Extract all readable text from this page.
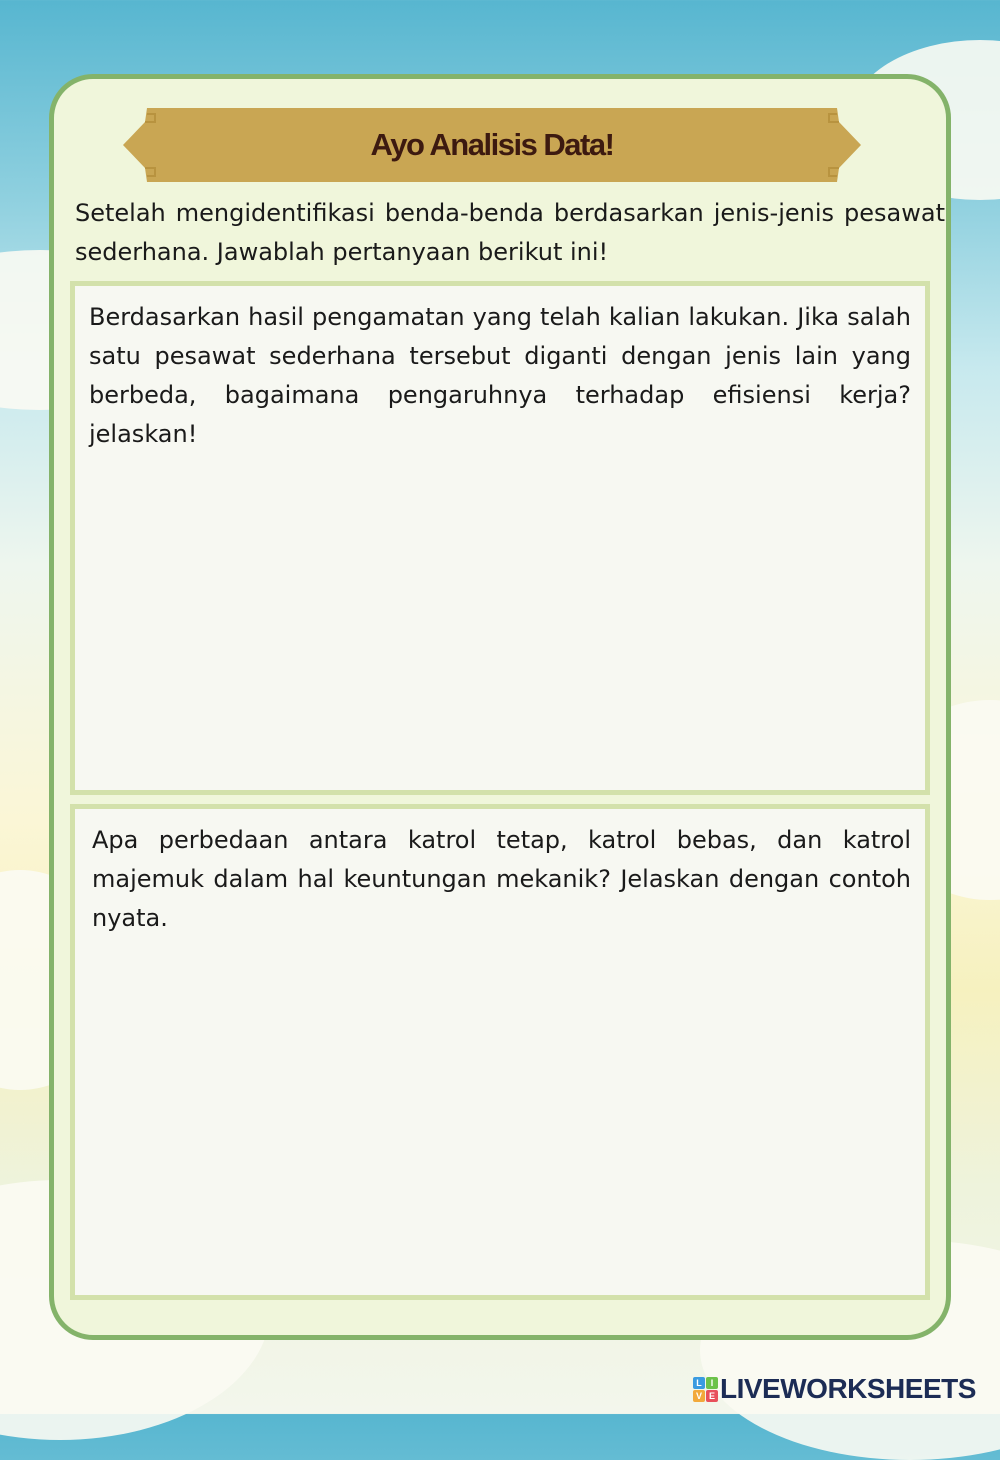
Ayo Analisis Data!
Setelah mengidentifikasi benda-benda berdasarkan jenis-jenis pesawat sederhana. Jawablah pertanyaan berikut ini!
Berdasarkan hasil pengamatan yang telah kalian lakukan. Jika salah satu pesawat sederhana tersebut diganti dengan jenis lain yang berbeda, bagaimana pengaruhnya terhadap efisiensi kerja? jelaskan!
Apa perbedaan antara katrol tetap, katrol bebas, dan katrol majemuk dalam hal keuntungan mekanik? Jelaskan dengan contoh nyata.
L I
V E LIVEWORKSHEETS
